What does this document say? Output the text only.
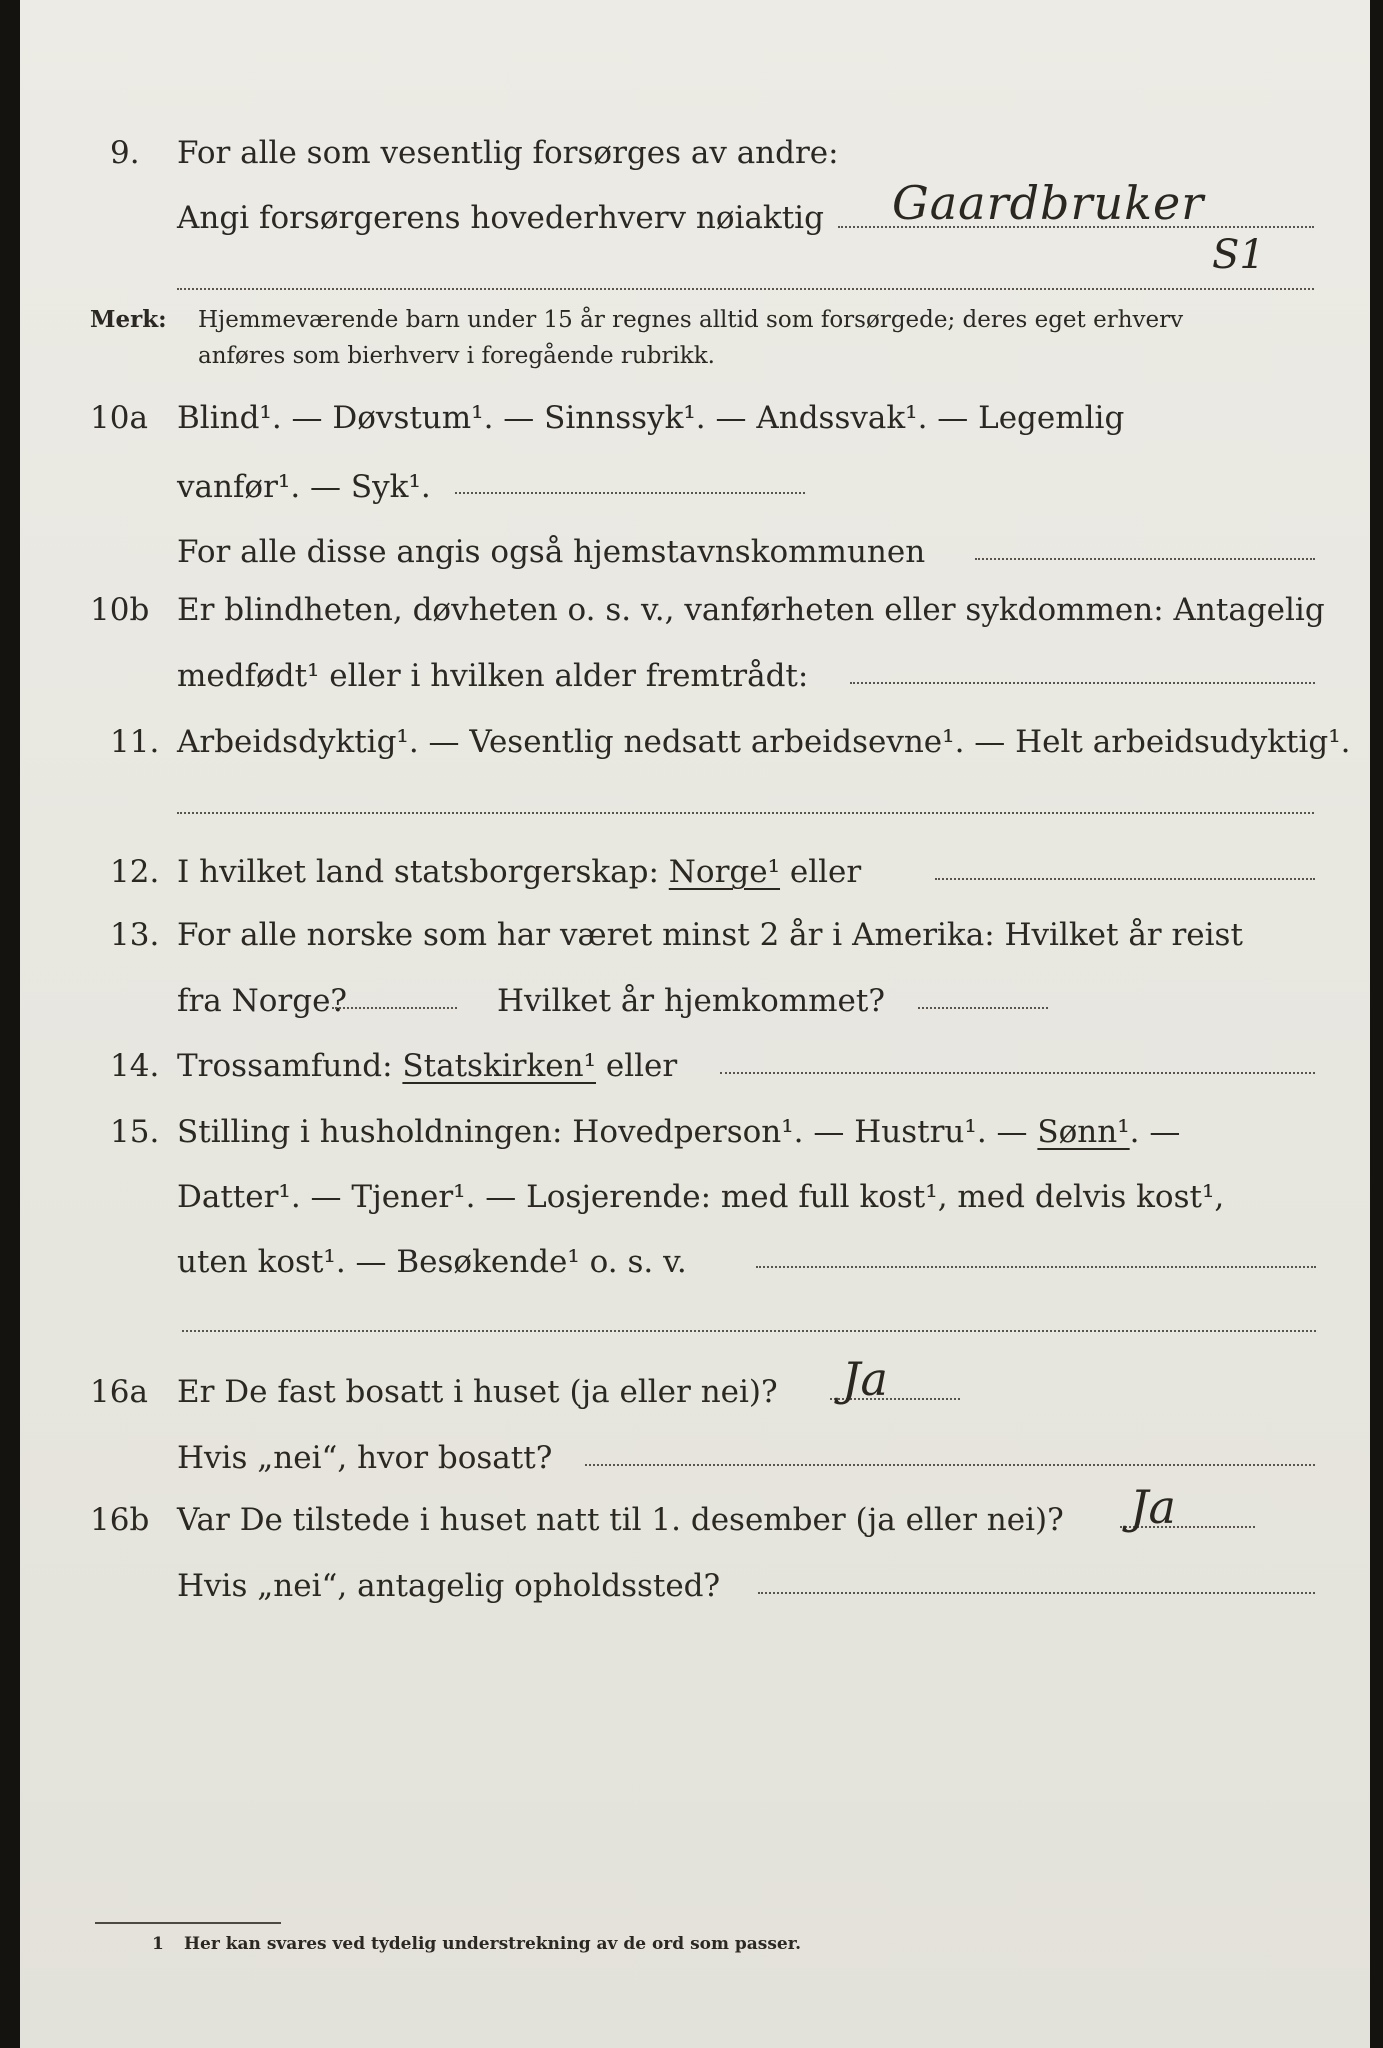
9. For alle som vesentlig forsørges av andre:
Angi forsørgerens hovederhverv nøiaktig Gaardbruker
S1
Merk: Hjemmeværende barn under 15 år regnes alltid som forsørgede; deres eget erhverv
anføres som bierhverv i foregående rubrikk.
10a Blind¹. — Døvstum¹. — Sinnssyk¹. — Andssvak¹. — Legemlig
vanfør¹. — Syk¹.
For alle disse angis også hjemstavnskommunen
10b Er blindheten, døvheten o. s. v., vanførheten eller sykdommen: Antagelig
medfødt¹ eller i hvilken alder fremtrådt:
11. Arbeidsdyktig¹. — Vesentlig nedsatt arbeidsevne¹. — Helt arbeidsudyktig¹.
12. I hvilket land statsborgerskap: Norge¹ eller
13. For alle norske som har været minst 2 år i Amerika: Hvilket år reist
fra Norge?	Hvilket år hjemkommet?
14. Trossamfund: Statskirken¹ eller
15. Stilling i husholdningen: Hovedperson¹. — Hustru¹. — Sønn¹. —
Datter¹. — Tjener¹. — Losjerende: med full kost¹, med delvis kost¹,
uten kost¹. — Besøkende¹ o. s. v.
16a Er De fast bosatt i huset (ja eller nei)? Ja
Hvis „nei“, hvor bosatt?
16b Var De tilstede i huset natt til 1. desember (ja eller nei)? Ja
Hvis „nei“, antagelig opholdssted?
1 Her kan svares ved tydelig understrekning av de ord som passer.
